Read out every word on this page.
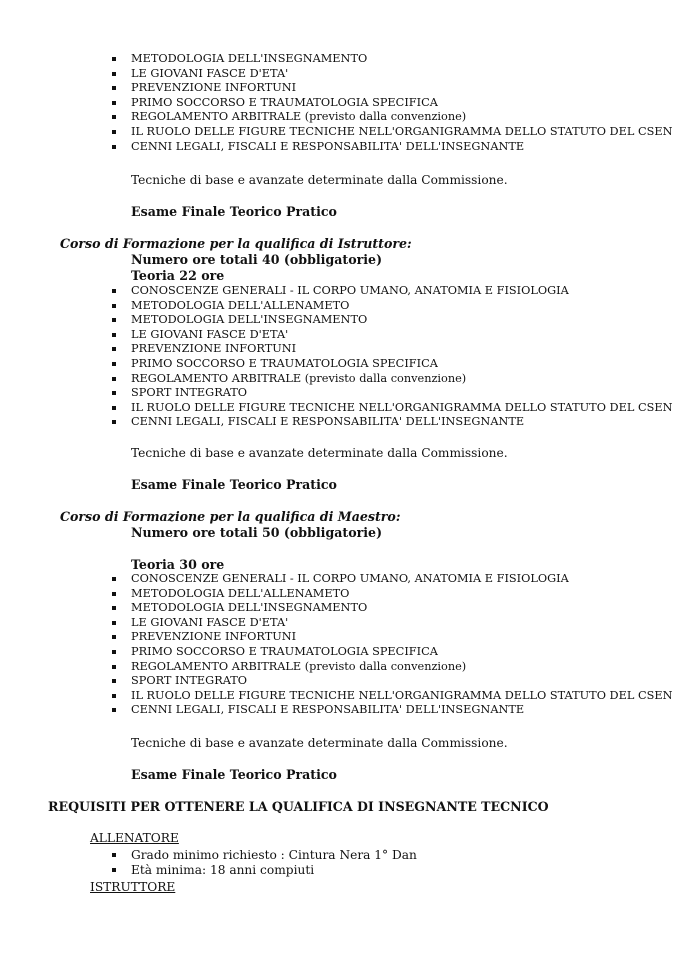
METODOLOGIA DELL'INSEGNAMENTO
LE GIOVANI FASCE D'ETA'
PREVENZIONE INFORTUNI
PRIMO SOCCORSO E TRAUMATOLOGIA SPECIFICA
REGOLAMENTO ARBITRALE (previsto dalla convenzione)
IL RUOLO DELLE FIGURE TECNICHE NELL'ORGANIGRAMMA DELLO STATUTO DEL CSEN
CENNI LEGALI, FISCALI E RESPONSABILITA' DELL'INSEGNANTE
Tecniche di base e avanzate determinate dalla Commissione.
Esame Finale Teorico Pratico
Corso di Formazione per la qualifica di Istruttore:
Numero ore totali 40 (obbligatorie)
Teoria 22 ore
CONOSCENZE GENERALI - IL CORPO UMANO, ANATOMIA E FISIOLOGIA
METODOLOGIA DELL'ALLENAMETO
METODOLOGIA DELL'INSEGNAMENTO
LE GIOVANI FASCE D'ETA'
PREVENZIONE INFORTUNI
PRIMO SOCCORSO E TRAUMATOLOGIA SPECIFICA
REGOLAMENTO ARBITRALE (previsto dalla convenzione)
SPORT INTEGRATO
IL RUOLO DELLE FIGURE TECNICHE NELL'ORGANIGRAMMA DELLO STATUTO DEL CSEN
CENNI LEGALI, FISCALI E RESPONSABILITA' DELL'INSEGNANTE
Tecniche di base e avanzate determinate dalla Commissione.
Esame Finale Teorico Pratico
Corso di Formazione per la qualifica di Maestro:
Numero ore totali 50 (obbligatorie)
Teoria 30 ore
CONOSCENZE GENERALI - IL CORPO UMANO, ANATOMIA E FISIOLOGIA
METODOLOGIA DELL'ALLENAMETO
METODOLOGIA DELL'INSEGNAMENTO
LE GIOVANI FASCE D'ETA'
PREVENZIONE INFORTUNI
PRIMO SOCCORSO E TRAUMATOLOGIA SPECIFICA
REGOLAMENTO ARBITRALE (previsto dalla convenzione)
SPORT INTEGRATO
IL RUOLO DELLE FIGURE TECNICHE NELL'ORGANIGRAMMA DELLO STATUTO DEL CSEN
CENNI LEGALI, FISCALI E RESPONSABILITA' DELL'INSEGNANTE
Tecniche di base e avanzate determinate dalla Commissione.
Esame Finale Teorico Pratico
REQUISITI PER OTTENERE LA QUALIFICA DI INSEGNANTE TECNICO
ALLENATORE
Grado minimo richiesto : Cintura Nera 1° Dan
Età minima: 18 anni compiuti
ISTRUTTORE
